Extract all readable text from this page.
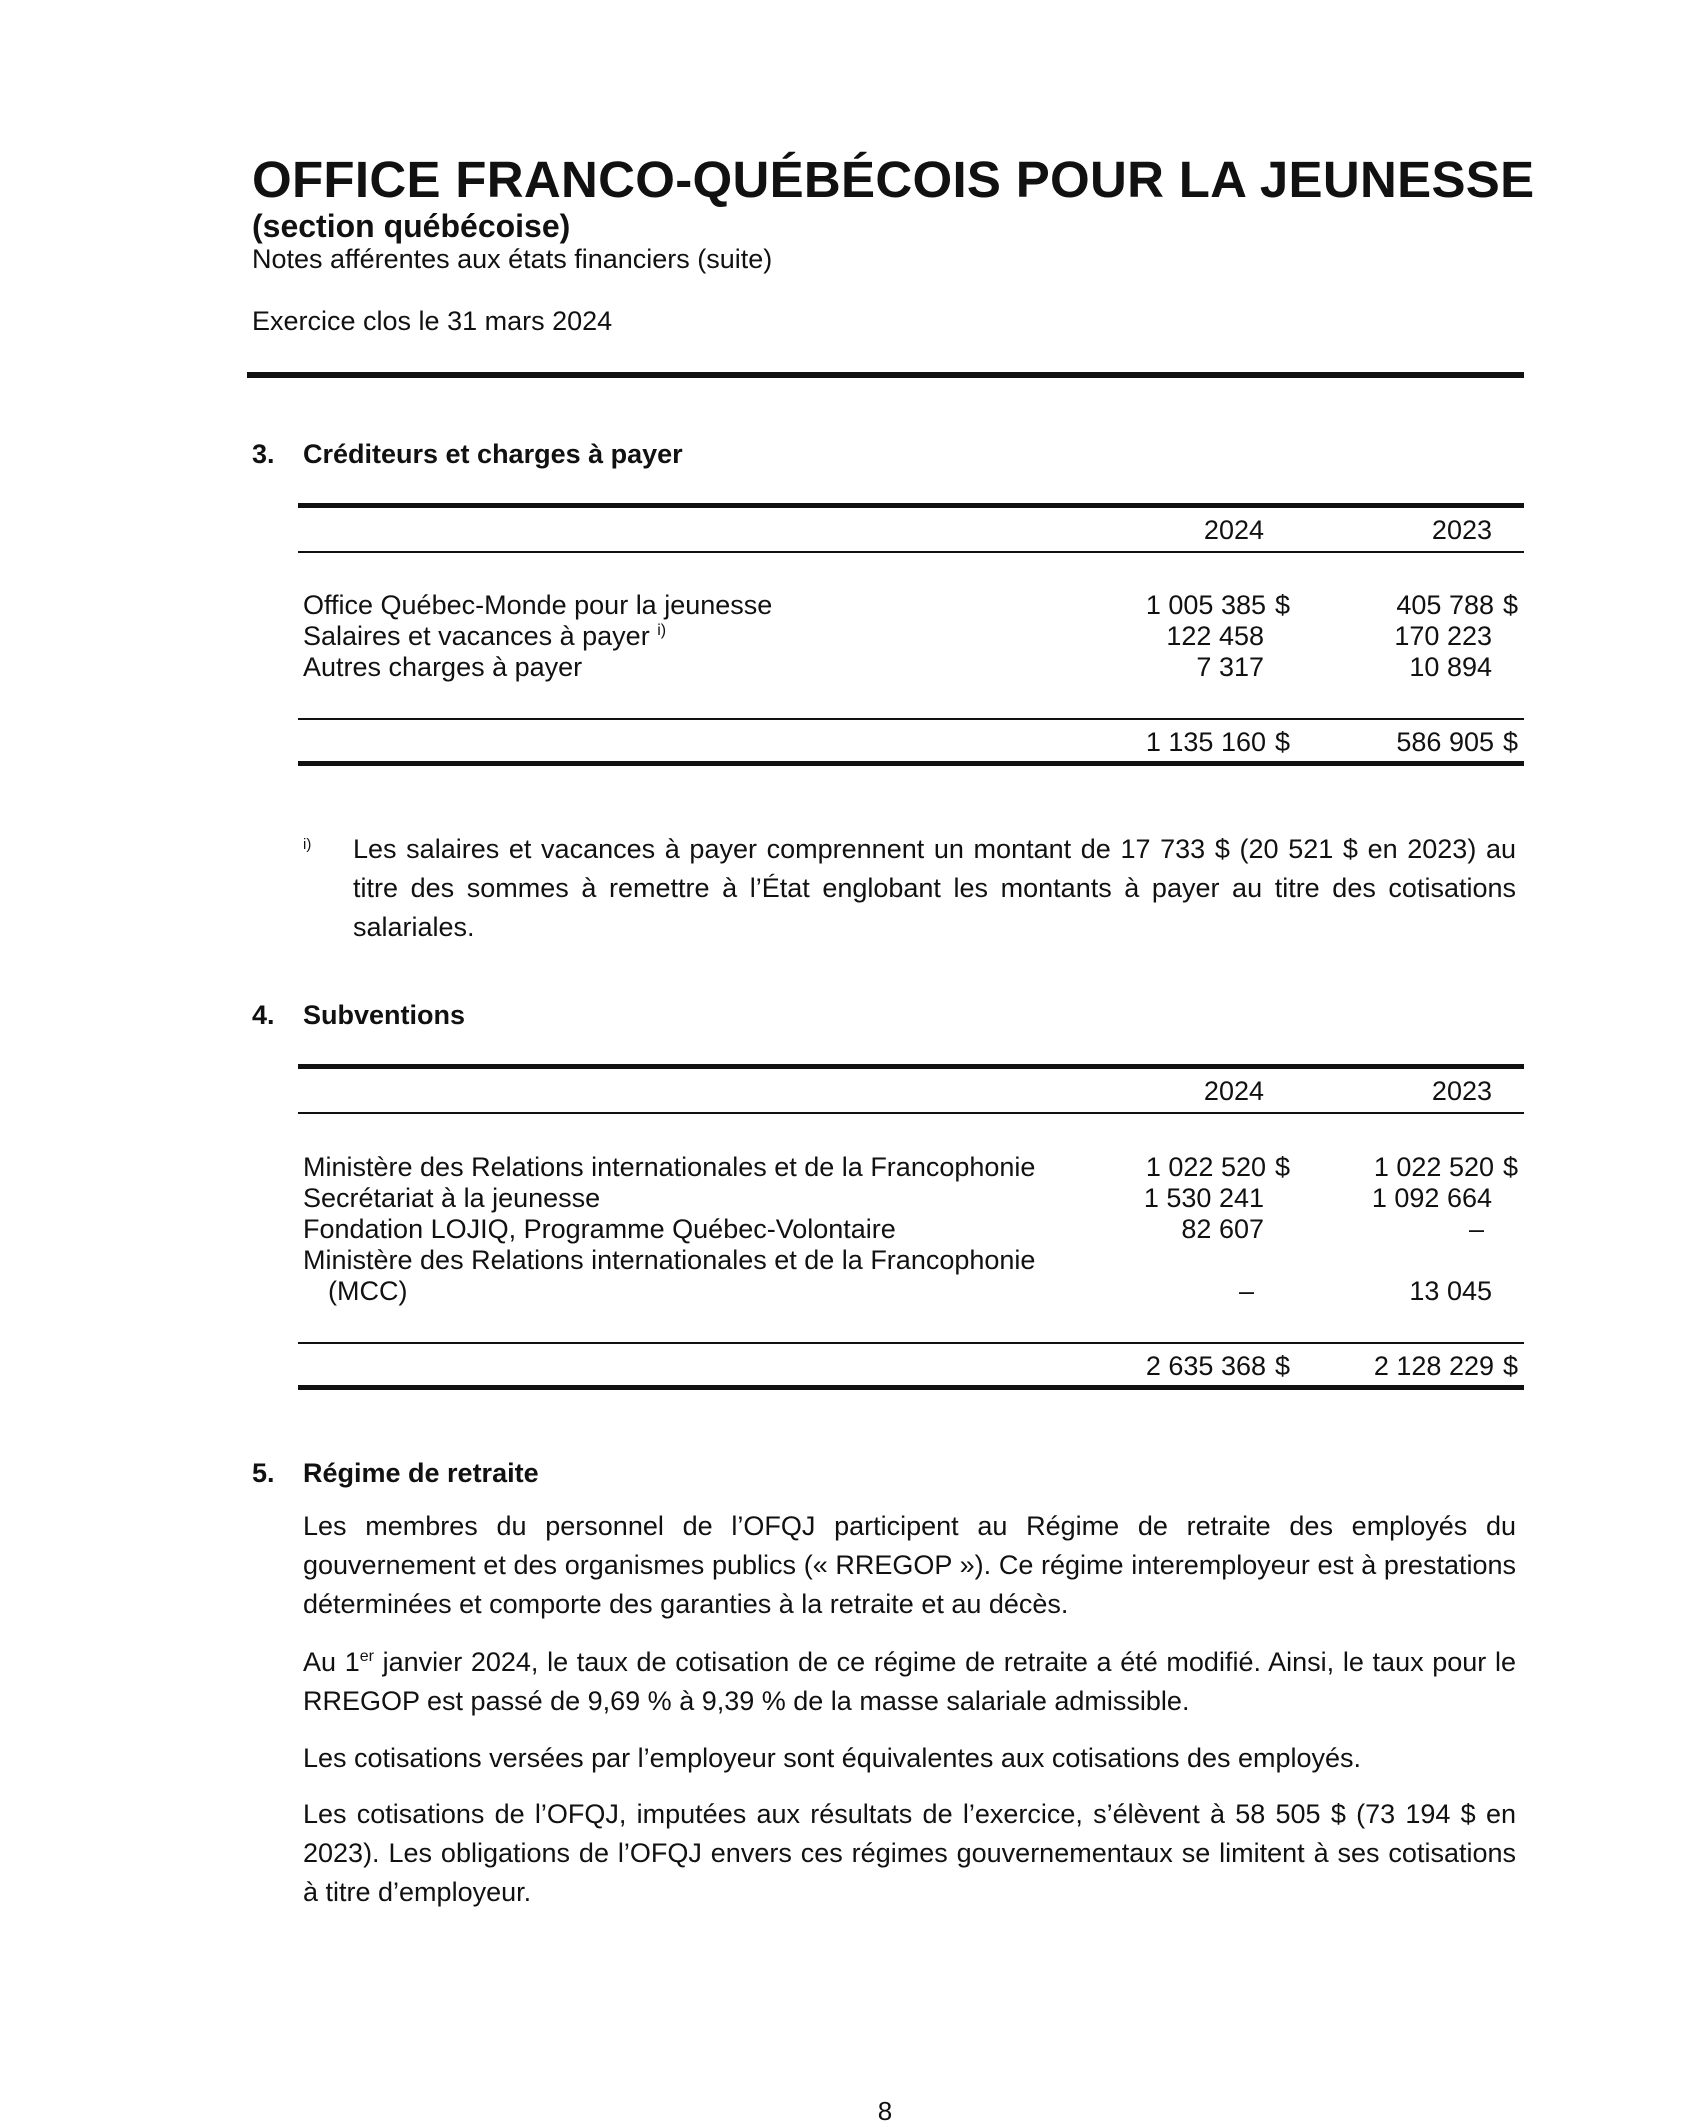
OFFICE FRANCO-QUÉBÉCOIS POUR LA JEUNESSE
(section québécoise)
Notes afférentes aux états financiers (suite)
Exercice clos le 31 mars 2024
3. Créditeurs et charges à payer
2024	2023
Office Québec-Monde pour la jeunesse	1 005 385 $	405 788 $
Salaires et vacances à payer $^{i)}$	122 458	170 223
Autres charges à payer	7 317	10 894
1 135 160 $	586 905 $
i) Les salaires et vacances à payer comprennent un montant de 17 733 $ (20 521 $ en 2023) au titre des sommes à remettre à l’État englobant les montants à payer au titre des cotisations salariales.
4. Subventions
2024	2023
Ministère des Relations internationales et de la Francophonie	1 022 520 $	1 022 520 $
Secrétariat à la jeunesse	1 530 241	1 092 664
Fondation LOJIQ, Programme Québec-Volontaire	82 607	–
Ministère des Relations internationales et de la Francophonie
(MCC)	–	13 045
2 635 368 $	2 128 229 $
5. Régime de retraite
Les membres du personnel de l’OFQJ participent au Régime de retraite des employés du gouvernement et des organismes publics (« RREGOP »). Ce régime interemployeur est à prestations déterminées et comporte des garanties à la retraite et au décès.
Au 1er janvier 2024, le taux de cotisation de ce régime de retraite a été modifié. Ainsi, le taux pour le RREGOP est passé de 9,69 % à 9,39 % de la masse salariale admissible.
Les cotisations versées par l’employeur sont équivalentes aux cotisations des employés.
Les cotisations de l’OFQJ, imputées aux résultats de l’exercice, s’élèvent à 58 505 $ (73 194 $ en 2023). Les obligations de l’OFQJ envers ces régimes gouvernementaux se limitent à ses cotisations à titre d’employeur.
8
